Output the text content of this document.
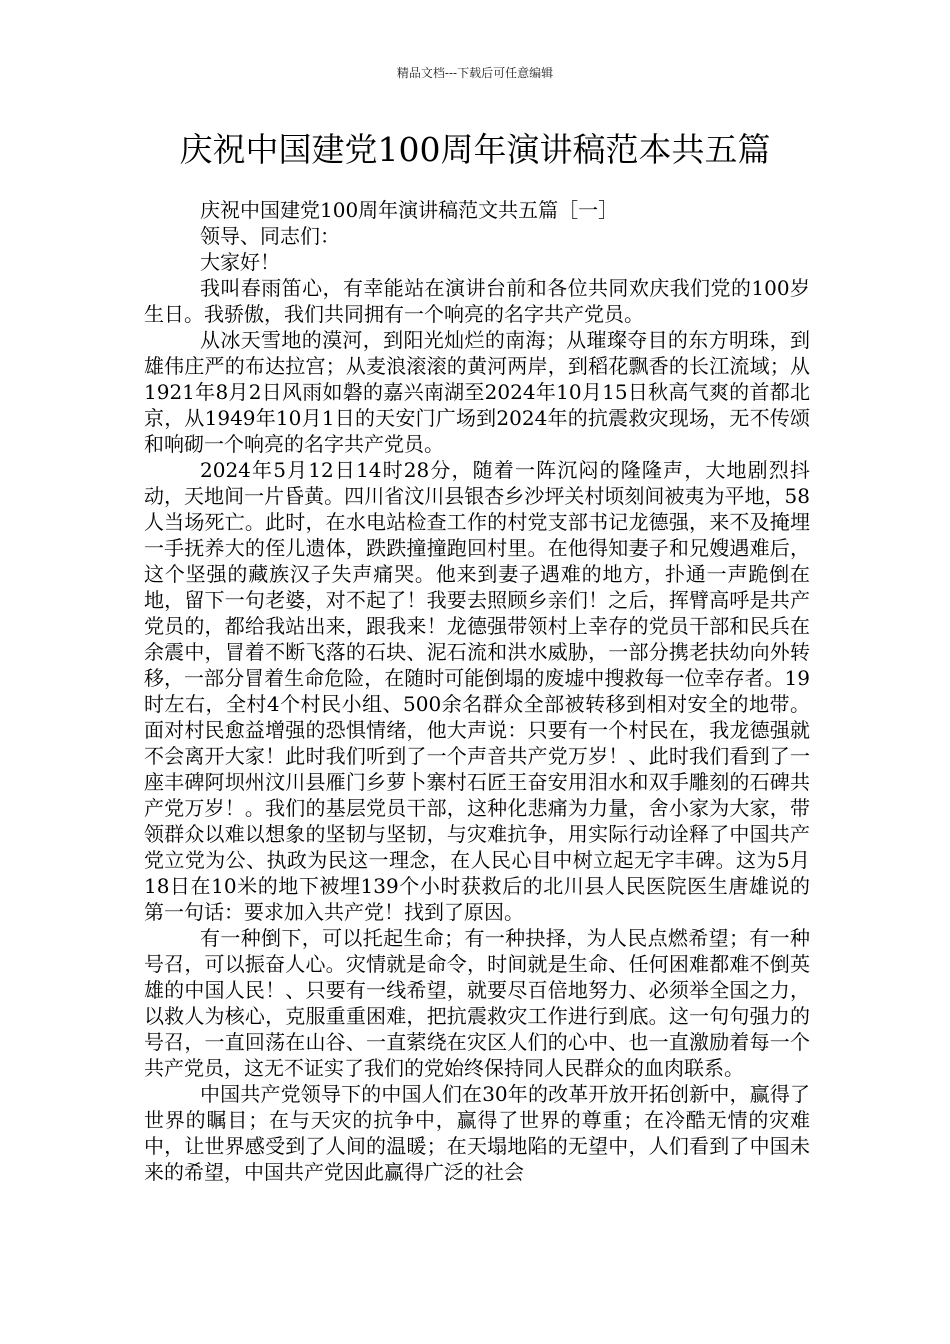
精品文档---下载后可任意编辑
庆祝中国建党100周年演讲稿范本共五篇

庆祝中国建党100周年演讲稿范文共五篇［一］

领导、同志们：

大家好！

我叫春雨笛心，有幸能站在演讲台前和各位共同欢庆我们党的100岁生日。我骄傲，我们共同拥有一个响亮的名字共产党员。

从冰天雪地的漠河，到阳光灿烂的南海；从璀璨夺目的东方明珠，到雄伟庄严的布达拉宫；从麦浪滚滚的黄河两岸，到稻花飘香的长江流域；从1921年8月2日风雨如磐的嘉兴南湖至2024年10月15日秋高气爽的首都北京，从1949年10月1日的天安门广场到2024年的抗震救灾现场，无不传颂和响砌一个响亮的名字共产党员。

2024年5月12日14时28分，随着一阵沉闷的隆隆声，大地剧烈抖动，天地间一片昏黄。四川省汶川县银杏乡沙坪关村顷刻间被夷为平地，58人当场死亡。此时，在水电站检查工作的村党支部书记龙德强，来不及掩埋一手抚养大的侄儿遗体，跌跌撞撞跑回村里。在他得知妻子和兄嫂遇难后，这个坚强的藏族汉子失声痛哭。他来到妻子遇难的地方，扑通一声跪倒在地，留下一句老婆，对不起了！我要去照顾乡亲们！之后，挥臂高呼是共产党员的，都给我站出来，跟我来！龙德强带领村上幸存的党员干部和民兵在余震中，冒着不断飞落的石块、泥石流和洪水威胁，一部分携老扶幼向外转移，一部分冒着生命危险，在随时可能倒塌的废墟中搜救每一位幸存者。19时左右，全村4个村民小组、500余名群众全部被转移到相对安全的地带。面对村民愈益增强的恐惧情绪，他大声说：只要有一个村民在，我龙德强就不会离开大家！此时我们听到了一个声音共产党万岁！、此时我们看到了一座丰碑阿坝州汶川县雁门乡萝卜寨村石匠王奋安用泪水和双手雕刻的石碑共产党万岁！。我们的基层党员干部，这种化悲痛为力量，舍小家为大家，带领群众以难以想象的坚韧与坚韧，与灾难抗争，用实际行动诠释了中国共产党立党为公、执政为民这一理念，在人民心目中树立起无字丰碑。这为5月18日在10米的地下被埋139个小时获救后的北川县人民医院医生唐雄说的第一句话：要求加入共产党！找到了原因。

有一种倒下，可以托起生命；有一种抉择，为人民点燃希望；有一种号召，可以振奋人心。灾情就是命令，时间就是生命、任何困难都难不倒英雄的中国人民！、只要有一线希望，就要尽百倍地努力、必须举全国之力，以救人为核心，克服重重困难，把抗震救灾工作进行到底。这一句句强力的号召，一直回荡在山谷、一直萦绕在灾区人们的心中、也一直激励着每一个共产党员，这无不证实了我们的党始终保持同人民群众的血肉联系。

中国共产党领导下的中国人们在30年的改革开放开拓创新中，赢得了世界的瞩目；在与天灾的抗争中，赢得了世界的尊重；在冷酷无情的灾难中，让世界感受到了人间的温暖；在天塌地陷的无望中，人们看到了中国未来的希望，中国共产党因此赢得广泛的社会
